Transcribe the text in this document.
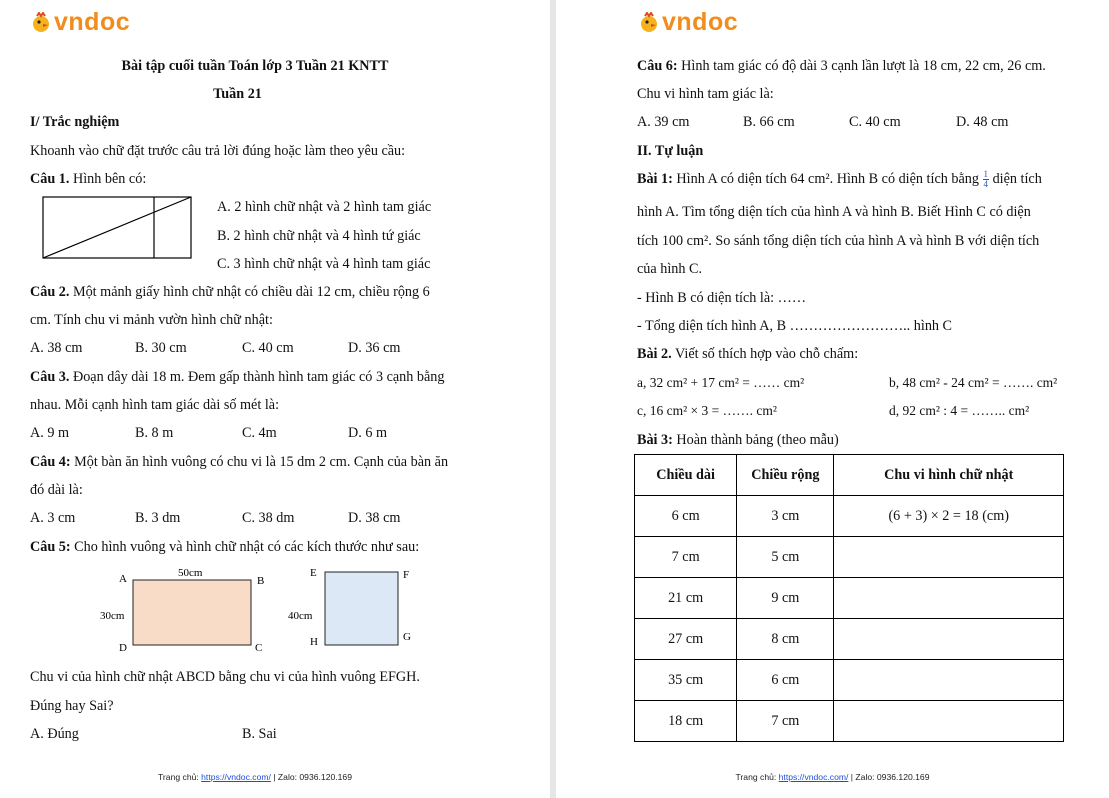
vndoc
Bài tập cuối tuần Toán lớp 3 Tuần 21 KNTT
Tuần 21
I/ Trắc nghiệm
Khoanh vào chữ đặt trước câu trả lời đúng hoặc làm theo yêu cầu:
Câu 1. Hình bên có:
A. 2 hình chữ nhật và 2 hình tam giác
B. 2 hình chữ nhật và 4 hình tứ giác
C. 3 hình chữ nhật và 4 hình tam giác
Câu 2. Một mảnh giấy hình chữ nhật có chiều dài 12 cm, chiều rộng 6
cm. Tính chu vi mảnh vườn hình chữ nhật:
A. 38 cm	B. 30 cm	C. 40 cm	D. 36 cm
Câu 3. Đoạn dây dài 18 m. Đem gấp thành hình tam giác có 3 cạnh bằng
nhau. Mỗi cạnh hình tam giác dài số mét là:
A. 9 m	B. 8 m	C. 4m	D. 6 m
Câu 4: Một bàn ăn hình vuông có chu vi là 15 dm 2 cm. Cạnh của bàn ăn
đó dài là:
A. 3 cm	B. 3 dm	C. 38 dm	D. 38 cm
Câu 5: Cho hình vuông và hình chữ nhật có các kích thước như sau:
A	B
C
D
50cm
30cm
E	F
G
H
40cm
Chu vi của hình chữ nhật ABCD bằng chu vi của hình vuông EFGH.
Đúng hay Sai?
A. Đúng	B. Sai
Trang chủ: https://vndoc.com/ | Zalo: 0936.120.169
vndoc
Câu 6: Hình tam giác có độ dài 3 cạnh lần lượt là 18 cm, 22 cm, 26 cm.
Chu vi hình tam giác là:
A. 39 cm	B. 66 cm	C. 40 cm	D. 48 cm
II. Tự luận
Bài 1: Hình A có diện tích 64 cm². Hình B có diện tích bằng $\frac{1}{4}$ diện tích
hình A. Tìm tổng diện tích của hình A và hình B. Biết Hình C có diện
tích 100 cm². So sánh tổng diện tích của hình A và hình B với diện tích
của hình C.
- Hình B có diện tích là: ……
- Tổng diện tích hình A, B …………………….. hình C
Bài 2. Viết số thích hợp vào chỗ chấm:
a, 32 cm² + 17 cm² = …… cm²	b, 48 cm² - 24 cm² = ……. cm²
c, 16 cm² × 3 = ……. cm²	d, 92 cm² : 4 = …….. cm²
Bài 3: Hoàn thành bảng (theo mẫu)
Chiều dài	Chiều rộng	Chu vi hình chữ nhật
6 cm	3 cm	(6 + 3) × 2 = 18 (cm)
7 cm	5 cm	
21 cm	9 cm	
27 cm	8 cm	
35 cm	6 cm	
18 cm	7 cm	
Trang chủ: https://vndoc.com/ | Zalo: 0936.120.169
